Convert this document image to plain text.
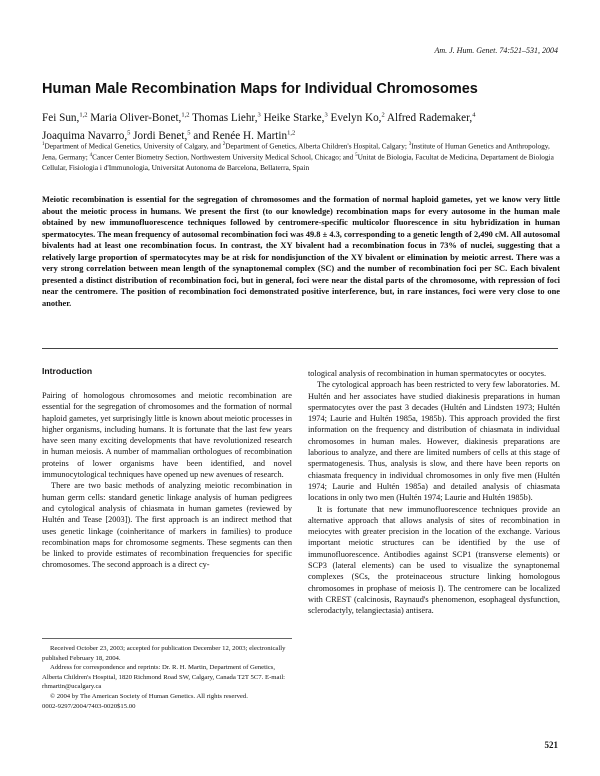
Am. J. Hum. Genet. 74:521–531, 2004
Human Male Recombination Maps for Individual Chromosomes
Fei Sun,$^{1,2}$ Maria Oliver-Bonet,$^{1,2}$ Thomas Liehr,$^3$ Heike Starke,$^3$ Evelyn Ko,$^2$ Alfred Rademaker,$^4$
Joaquima Navarro,$^5$ Jordi Benet,$^5$ and Renée H. Martin$^{1,2}$
$^1$Department of Medical Genetics, University of Calgary, and $^2$Department of Genetics, Alberta Children's Hospital, Calgary; $^3$Institute of Human Genetics and Anthropology, Jena, Germany; $^4$Cancer Center Biometry Section, Northwestern University Medical School, Chicago; and $^5$Unitat de Biologia, Facultat de Medicina, Departament de Biologia Cellular, Fisiologia i d'Immunologia, Universitat Autonoma de Barcelona, Bellaterra, Spain

Meiotic recombination is essential for the segregation of chromosomes and the formation of normal haploid gametes, yet we know very little about the meiotic process in humans. We present the first (to our knowledge) recombination maps for every autosome in the human male obtained by new immunofluorescence techniques followed by centromere-specific multicolor fluorescence in situ hybridization in human spermatocytes. The mean frequency of autosomal recombination foci was 49.8 ± 4.3, corresponding to a genetic length of 2,490 cM. All autosomal bivalents had at least one recombination focus. In contrast, the XY bivalent had a recombination focus in 73% of nuclei, suggesting that a relatively large proportion of spermatocytes may be at risk for nondisjunction of the XY bivalent or elimination by meiotic arrest. There was a very strong correlation between mean length of the synaptonemal complex (SC) and the number of recombination foci per SC. Each bivalent presented a distinct distribution of recombination foci, but in general, foci were near the distal parts of the chromosome, with repression of foci near the centromere. The position of recombination foci demonstrated positive interference, but, in rare instances, foci were very close to one another.

Introduction

Pairing of homologous chromosomes and meiotic recombination are essential for the segregation of chromosomes and the formation of normal haploid gametes, yet surprisingly little is known about meiotic processes in higher organisms, including humans. It is fortunate that the last few years have seen many exciting developments that have revolutionized research in human meiosis. A number of mammalian orthologues of recombination proteins of lower organisms have been identified, and novel immunocytological techniques have opened up new avenues of research.

There are two basic methods of analyzing meiotic recombination in human germ cells: standard genetic linkage analysis of human pedigrees and cytological analysis of chiasmata in human gametes (reviewed by Hultén and Tease [2003]). The first approach is an indirect method that uses genetic linkage (coinheritance of markers in families) to produce recombination maps for chromosome segments. These segments can then be linked to provide estimates of recombination frequencies for specific chromosomes. The second approach is a direct cy-

tological analysis of recombination in human spermatocytes or oocytes.

The cytological approach has been restricted to very few laboratories. M. Hultén and her associates have studied diakinesis preparations in human spermatocytes over the past 3 decades (Hultén and Lindsten 1973; Hultén 1974; Laurie and Hultén 1985a, 1985b). This approach provided the first information on the frequency and distribution of chiasmata in individual chromosomes in human males. However, diakinesis preparations are laborious to analyze, and there are limited numbers of cells at this stage of spermatogenesis. Thus, analysis is slow, and there have been reports on chiasmata frequency in individual chromosomes in only five men (Hultén 1974; Laurie and Hultén 1985a) and detailed analysis of chiasmata locations in only two men (Hultén 1974; Laurie and Hultén 1985b).

It is fortunate that new immunofluorescence techniques provide an alternative approach that allows analysis of sites of recombination in meiocytes with greater precision in the location of the exchange. Various important meiotic structures can be identified by the use of immunofluorescence. Antibodies against SCP1 (transverse elements) or SCP3 (lateral elements) can be used to visualize the synaptonemal complexes (SCs, the proteinaceous structure linking homologous chromosomes in prophase of meiosis I). The centromere can be localized with CREST (calcinosis, Raynaud's phenomenon, esophageal dysfunction, sclerodactyly, telangiectasia) antisera.

Received October 23, 2003; accepted for publication December 12, 2003; electronically published February 18, 2004.

Address for correspondence and reprints: Dr. R. H. Martin, Department of Genetics, Alberta Children's Hospital, 1820 Richmond Road SW, Calgary, Canada T2T 5C7. E-mail: rhmartin@ucalgary.ca

© 2004 by The American Society of Human Genetics. All rights reserved.

0002-9297/2004/7403-0020$15.00

521
